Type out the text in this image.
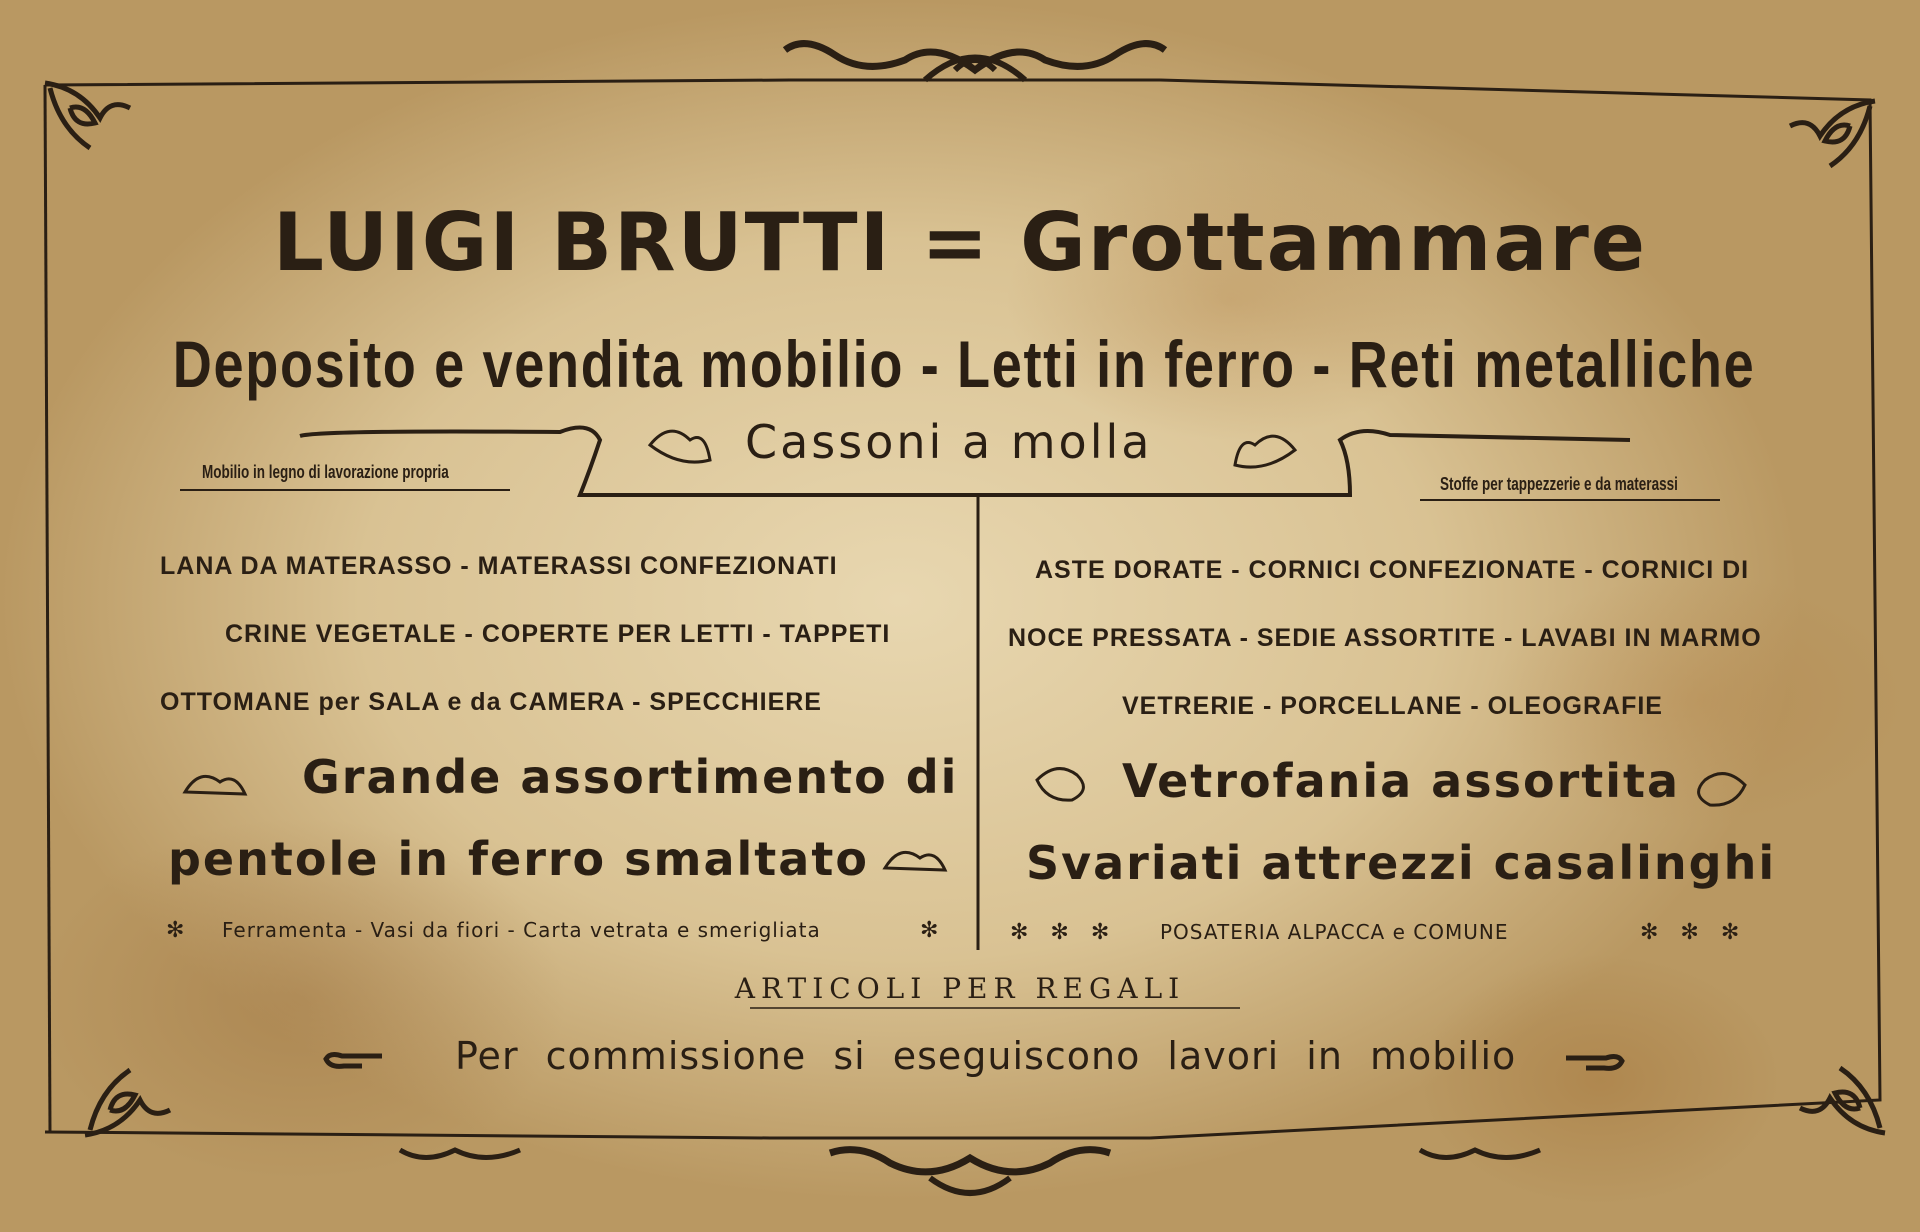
LUIGI BRUTTI = Grottammare
Deposito e vendita mobilio - Letti in ferro - Reti metalliche
Cassoni a molla
Mobilio in legno di lavorazione propria
Stoffe per tappezzerie e da materassi
LANA DA MATERASSO - MATERASSI CONFEZIONATI
CRINE VEGETALE - COPERTE PER LETTI - TAPPETI
OTTOMANE per SALA e da CAMERA - SPECCHIERE
Grande assortimento di
pentole in ferro smaltato
Ferramenta - Vasi da fiori - Carta vetrata e smerigliata
ASTE DORATE - CORNICI CONFEZIONATE - CORNICI DI
NOCE PRESSATA - SEDIE ASSORTITE - LAVABI IN MARMO
VETRERIE - PORCELLANE - OLEOGRAFIE
Vetrofania assortita
Svariati attrezzi casalinghi
POSATERIA ALPACCA e COMUNE
✻	✻	✻✻✻	✻✻✻
ARTICOLI PER REGALI
Per commissione si eseguiscono lavori in mobilio
